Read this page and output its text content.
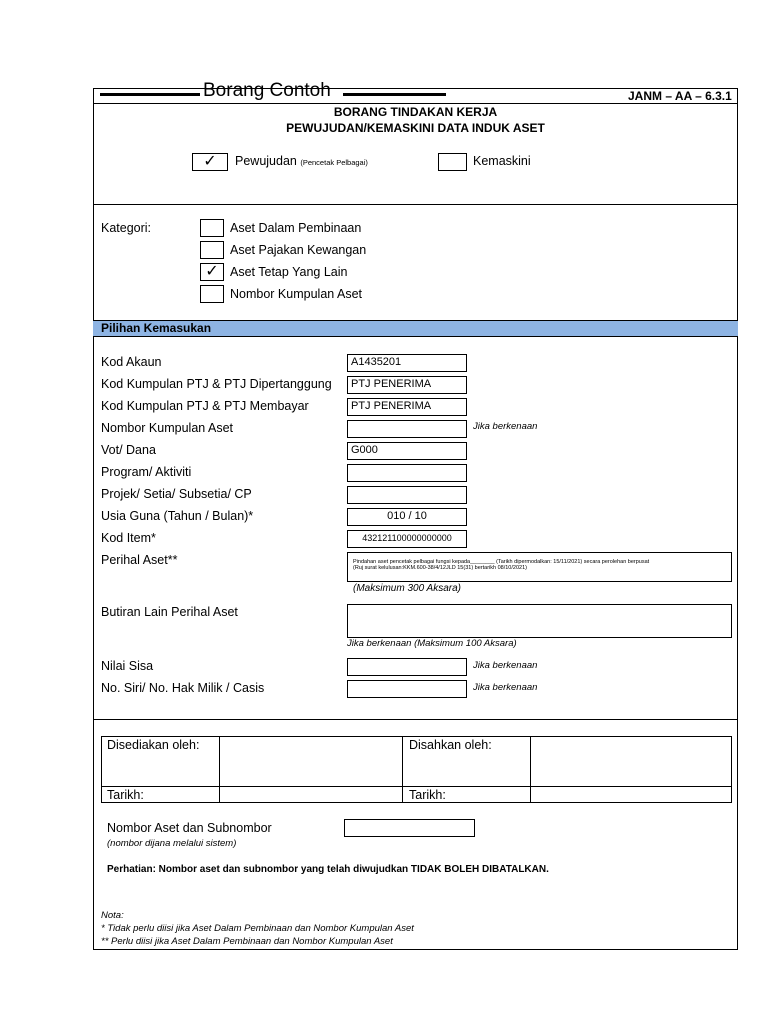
Borang Contoh	JANM – AA – 6.3.1
BORANG TINDAKAN KERJA
PEWUJUDAN/KEMASKINI DATA INDUK ASET
✓	Pewujudan (Pencetak Pelbagai)	Kemaskini
Kategori:	Aset Dalam Pembinaan
Aset Pajakan Kewangan
✓ Aset Tetap Yang Lain
Nombor Kumpulan Aset
Pilihan Kemasukan
Kod Akaun	A1435201
Kod Kumpulan PTJ & PTJ Dipertanggung	PTJ PENERIMA
Kod Kumpulan PTJ & PTJ Membayar	PTJ PENERIMA
Nombor Kumpulan Aset	Jika berkenaan
Vot/ Dana	G000
Program/ Aktiviti
Projek/ Setia/ Subsetia/ CP
Usia Guna (Tahun / Bulan)*	010 / 10
Kod Item*	432121100000000000
Perihal Aset**	Pindahan aset pencetak pelbagai fungsi kepada________ (Tarikh dipermodalkan: 15/11/2021) secara perolehan berpusat
(Ruj surat kelulusan:KKM.600-38/4/12JLD 15(31) bertarikh 08/10/2021)
(Maksimum 300 Aksara)
Butiran Lain Perihal Aset
Jika berkenaan (Maksimum 100 Aksara)
Nilai Sisa	Jika berkenaan
No. Siri/ No. Hak Milik / Casis	Jika berkenaan
Disediakan oleh:	Disahkan oleh:
Tarikh:	Tarikh:
Nombor Aset dan Subnombor
(nombor dijana melalui sistem)
Perhatian: Nombor aset dan subnombor yang telah diwujudkan TIDAK BOLEH DIBATALKAN.
Nota:
* Tidak perlu diisi jika Aset Dalam Pembinaan dan Nombor Kumpulan Aset
** Perlu diisi jika Aset Dalam Pembinaan dan Nombor Kumpulan Aset
